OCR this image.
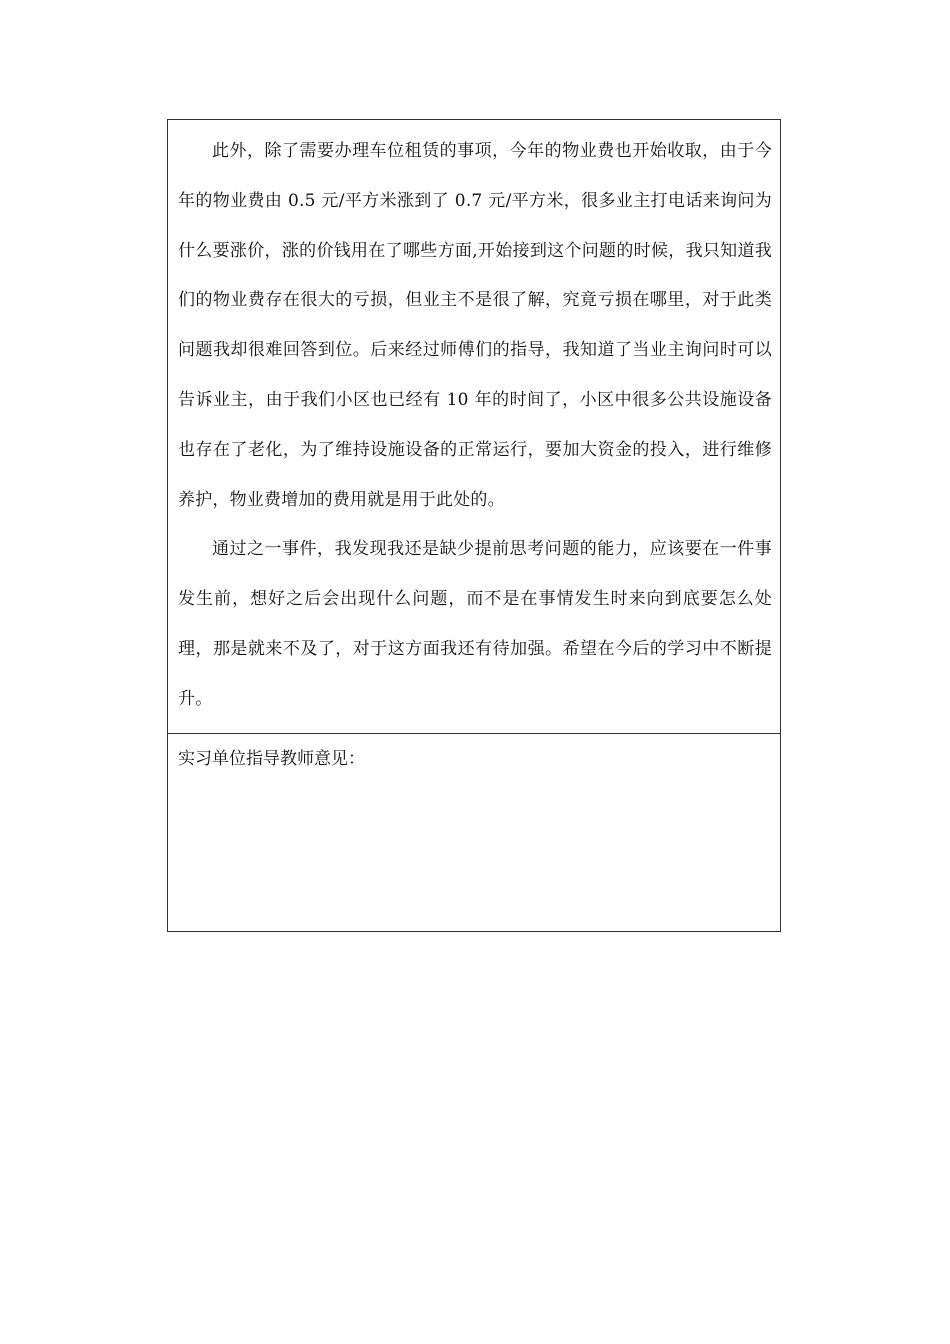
此外，除了需要办理车位租赁的事项，今年的物业费也开始收取，由于今年的物业费由 0.5 元/平方米涨到了 0.7 元/平方米，很多业主打电话来询问为什么要涨价，涨的价钱用在了哪些方面,开始接到这个问题的时候，我只知道我们的物业费存在很大的亏损，但业主不是很了解，究竟亏损在哪里，对于此类问题我却很难回答到位。后来经过师傅们的指导，我知道了当业主询问时可以告诉业主，由于我们小区也已经有 10 年的时间了，小区中很多公共设施设备也存在了老化，为了维持设施设备的正常运行，要加大资金的投入，进行维修养护，物业费增加的费用就是用于此处的。

通过之一事件，我发现我还是缺少提前思考问题的能力，应该要在一件事发生前，想好之后会出现什么问题，而不是在事情发生时来向到底要怎么处理，那是就来不及了，对于这方面我还有待加强。希望在今后的学习中不断提升。

实习单位指导教师意见：
